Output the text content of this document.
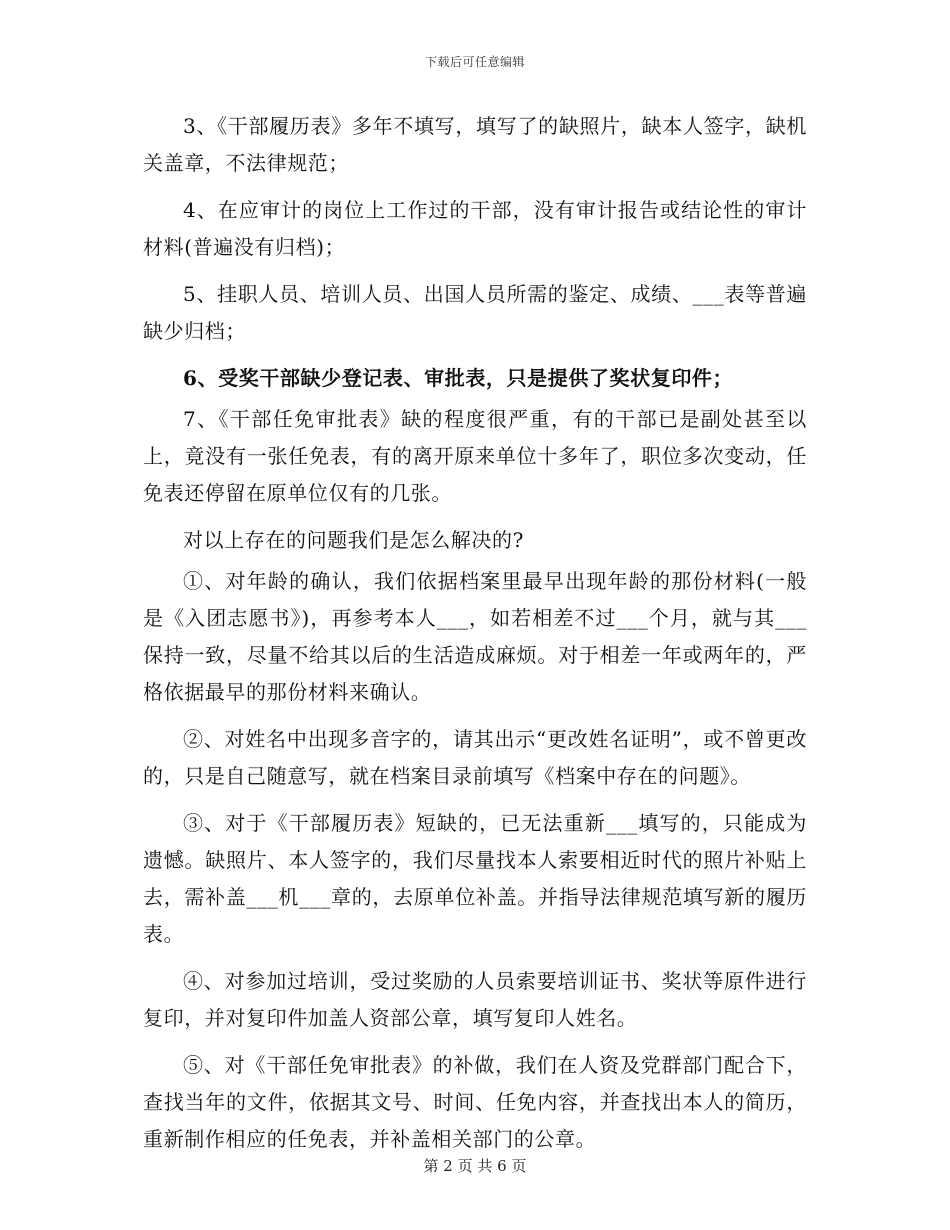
下载后可任意编辑

3、《干部履历表》多年不填写，填写了的缺照片，缺本人签字，缺机关盖章，不法律规范；

4、在应审计的岗位上工作过的干部，没有审计报告或结论性的审计材料(普遍没有归档)；

5、挂职人员、培训人员、出国人员所需的鉴定、成绩、___表等普遍缺少归档；

6、受奖干部缺少登记表、审批表，只是提供了奖状复印件；

7、《干部任免审批表》缺的程度很严重，有的干部已是副处甚至以上，竟没有一张任免表，有的离开原来单位十多年了，职位多次变动，任免表还停留在原单位仅有的几张。

对以上存在的问题我们是怎么解决的?

①、对年龄的确认，我们依据档案里最早出现年龄的那份材料(一般是《入团志愿书》)，再参考本人___，如若相差不过___个月，就与其___保持一致，尽量不给其以后的生活造成麻烦。对于相差一年或两年的，严格依据最早的那份材料来确认。

②、对姓名中出现多音字的，请其出示“更改姓名证明”，或不曾更改的，只是自己随意写，就在档案目录前填写《档案中存在的问题》。

③、对于《干部履历表》短缺的，已无法重新___填写的，只能成为遗憾。缺照片、本人签字的，我们尽量找本人索要相近时代的照片补贴上去，需补盖___机___章的，去原单位补盖。并指导法律规范填写新的履历表。

④、对参加过培训，受过奖励的人员索要培训证书、奖状等原件进行复印，并对复印件加盖人资部公章，填写复印人姓名。

⑤、对《干部任免审批表》的补做，我们在人资及党群部门配合下，查找当年的文件，依据其文号、时间、任免内容，并查找出本人的简历，重新制作相应的任免表，并补盖相关部门的公章。

第 2 页 共 6 页
